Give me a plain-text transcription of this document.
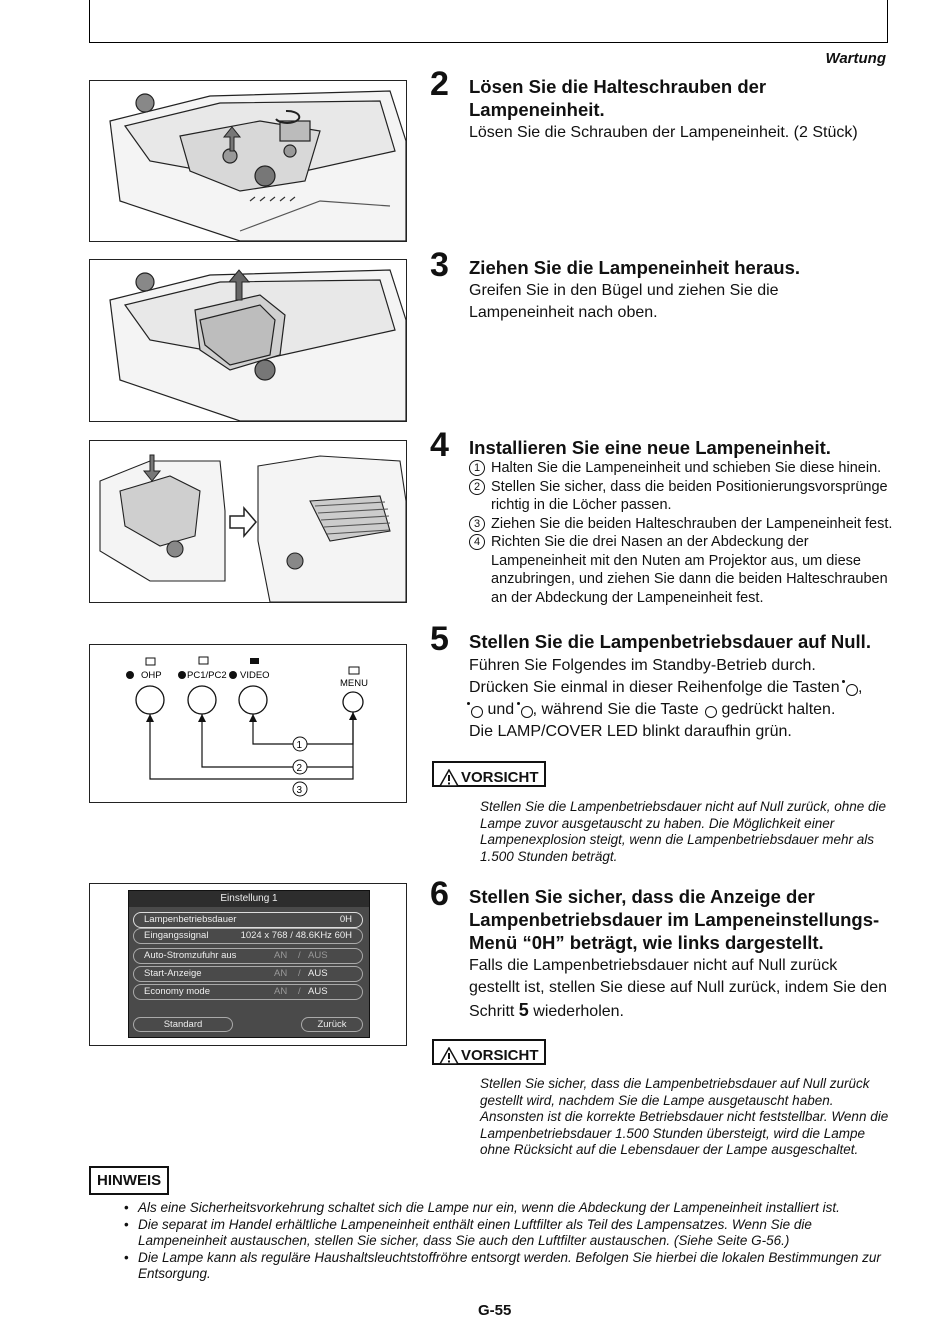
Wartung
OHP	PC1/PC2 VIDEO
MENU
1
2
3
Einstellung 1
Lampenbetriebsdauer	0H
Eingangssignal	1024 x 768 / 48.6KHz 60H
Auto-Stromzufuhr aus	AN / AUS
Start-Anzeige	AN / AUS
Economy mode	AN / AUS
Standard	Zurück
2 Lösen Sie die Halteschrauben der Lampeneinheit.
Lösen Sie die Schrauben der Lampeneinheit. (2 Stück)
3 Ziehen Sie die Lampeneinheit heraus.
Greifen Sie in den Bügel und ziehen Sie die Lampeneinheit nach oben.
4 Installieren Sie eine neue Lampeneinheit.
1 Halten Sie die Lampeneinheit und schieben Sie diese hinein.
2 Stellen Sie sicher, dass die beiden Positionierungsvorsprünge richtig in die Löcher passen.
3 Ziehen Sie die beiden Halteschrauben der Lampeneinheit fest.
4 Richten Sie die drei Nasen an der Abdeckung der Lampeneinheit mit den Nuten am Projektor aus, um diese anzubringen, und ziehen Sie dann die beiden Halteschrauben an der Abdeckung der Lampeneinheit fest.
5 Stellen Sie die Lampenbetriebsdauer auf Null.
Führen Sie Folgendes im Standby-Betrieb durch.
Drücken Sie einmal in dieser Reihenfolge die Tasten ,
und , während Sie die Taste gedrückt halten.
Die LAMP/COVER LED blinkt daraufhin grün.
VORSICHT
Stellen Sie die Lampenbetriebsdauer nicht auf Null zurück, ohne die Lampe zuvor ausgetauscht zu haben. Die Möglichkeit einer Lampenexplosion steigt, wenn die Lampenbetriebsdauer mehr als 1.500 Stunden beträgt.
6 Stellen Sie sicher, dass die Anzeige der Lampenbetriebsdauer im Lampeneinstellungs-Menü “0H” beträgt, wie links dargestellt.
Falls die Lampenbetriebsdauer nicht auf Null zurück gestellt ist, stellen Sie diese auf Null zurück, indem Sie den Schritt 5 wiederholen.
VORSICHT
Stellen Sie sicher, dass die Lampenbetriebsdauer auf Null zurück gestellt wird, nachdem Sie die Lampe ausgetauscht haben. Ansonsten ist die korrekte Betriebsdauer nicht feststellbar. Wenn die Lampenbetriebsdauer 1.500 Stunden übersteigt, wird die Lampe ohne Rücksicht auf die Lebensdauer der Lampe ausgeschaltet.
HINWEIS
• Als eine Sicherheitsvorkehrung schaltet sich die Lampe nur ein, wenn die Abdeckung der Lampeneinheit installiert ist.
• Die separat im Handel erhältliche Lampeneinheit enthält einen Luftfilter als Teil des Lampensatzes. Wenn Sie die Lampeneinheit austauschen, stellen Sie sicher, dass Sie auch den Luftfilter austauschen. (Siehe Seite G-56.)
• Die Lampe kann als reguläre Haushaltsleuchtstoffröhre entsorgt werden. Befolgen Sie hierbei die lokalen Bestimmungen zur Entsorgung.
G-55
